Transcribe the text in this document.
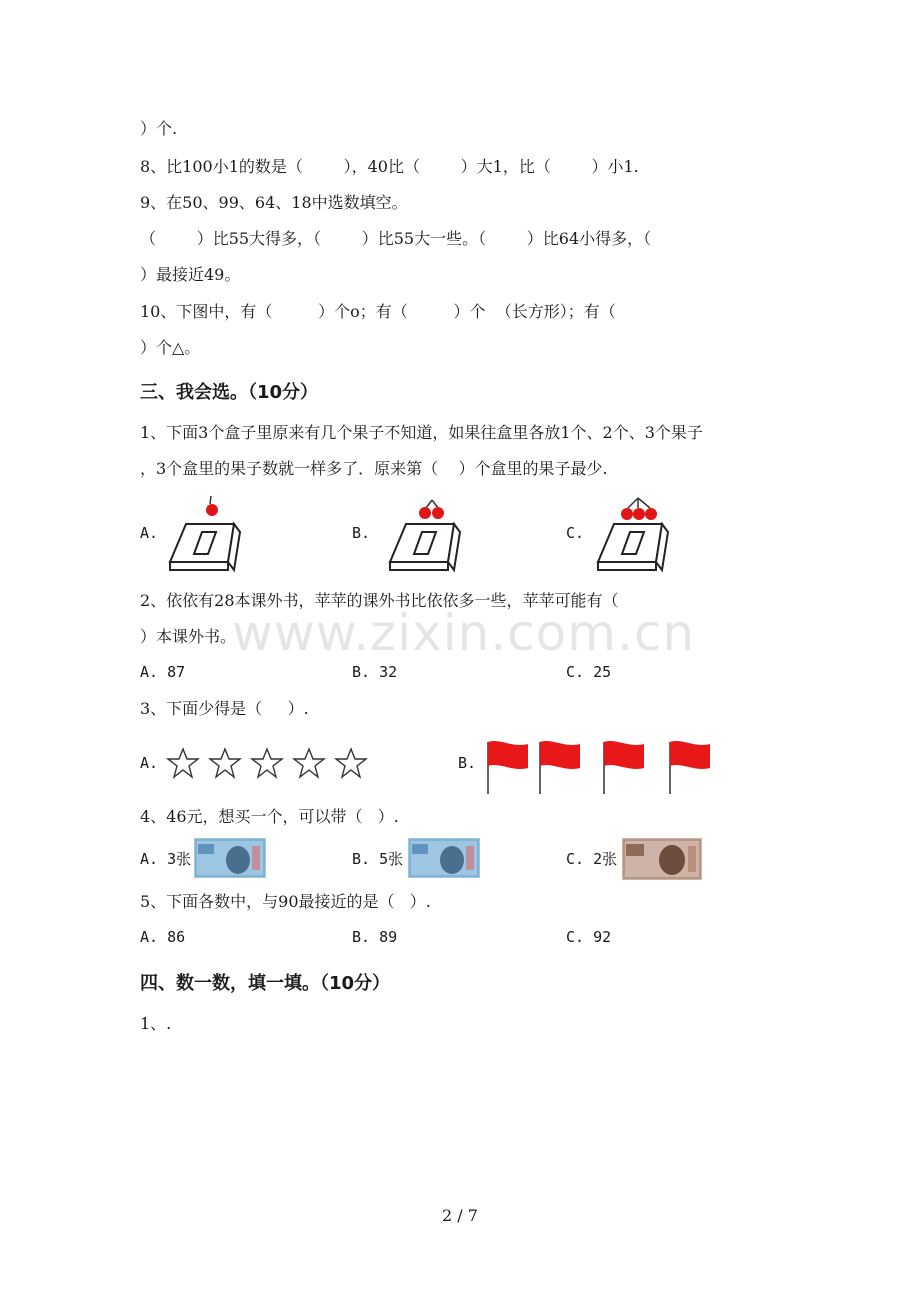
）个.
8、比100小1的数是（        ），40比（        ）大1，比（        ）小1.
9、在50、99、64、18中选数填空。
（        ）比55大得多，（        ）比55大一些。（        ）比64小得多，（
）最接近49。
10、下图中，有（         ）个o；有（         ）个  （长方形）；有（
）个△。
三、我会选。（10分）
1、下面3个盒子里原来有几个果子不知道，如果往盒里各放1个、2个、3个果子
，3个盒里的果子数就一样多了．原来第（    ）个盒里的果子最少.
A.	B.	C.
2、依依有28本课外书，苹苹的课外书比依依多一些，苹苹可能有（
）本课外书。
A. 87	B. 32	C. 25
3、下面少得是（     ）.
A.	B.
4、46元，想买一个，可以带（   ）.
A. 3张	B. 5张	C. 2张
5、下面各数中，与90最接近的是（   ）.
A. 86	B. 89	C. 92
四、数一数，填一填。（10分）
1、.
www.zixin.com.cn
2 / 7
